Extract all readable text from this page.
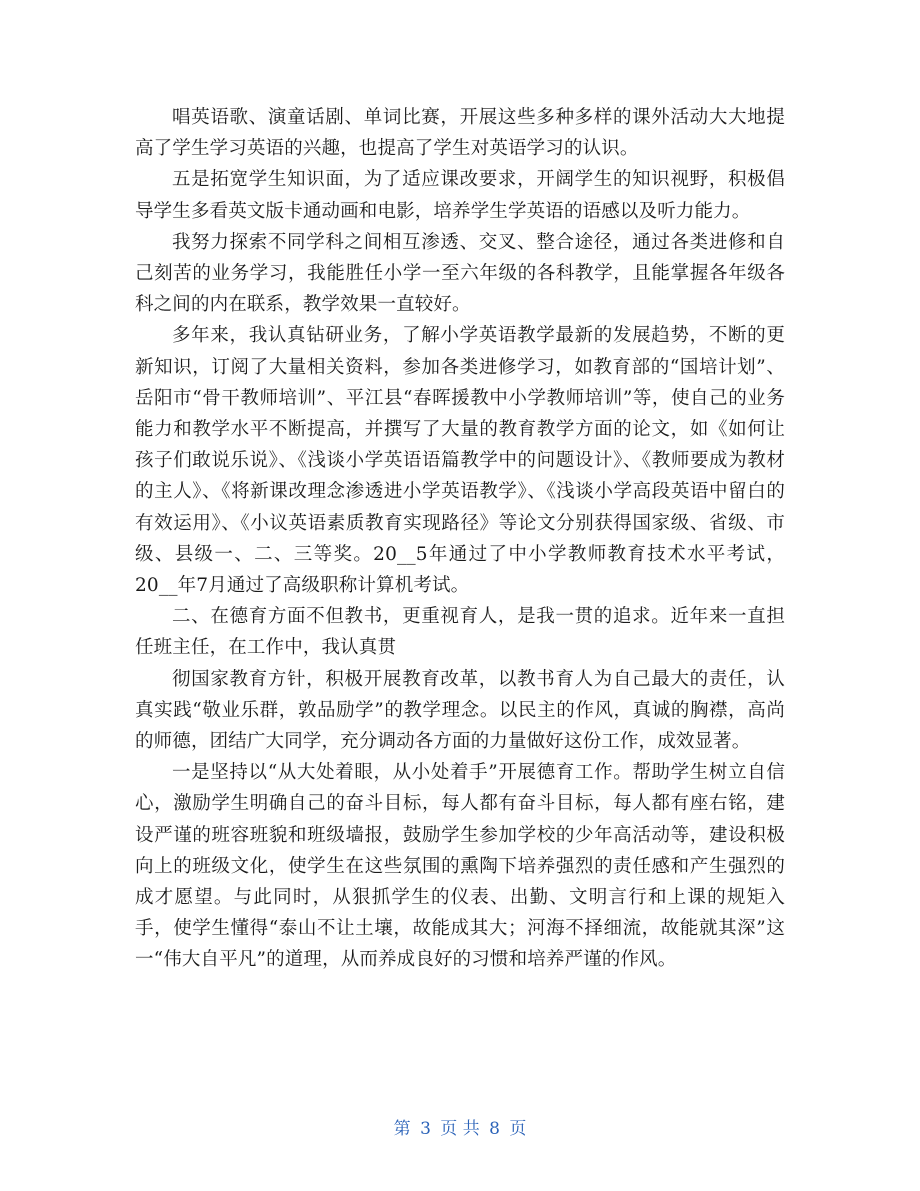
唱英语歌、演童话剧、单词比赛，开展这些多种多样的课外活动大大地提高了学生学习英语的兴趣，也提高了学生对英语学习的认识。

五是拓宽学生知识面，为了适应课改要求，开阔学生的知识视野，积极倡导学生多看英文版卡通动画和电影，培养学生学英语的语感以及听力能力。

我努力探索不同学科之间相互渗透、交叉、整合途径，通过各类进修和自己刻苦的业务学习，我能胜任小学一至六年级的各科教学，且能掌握各年级各科之间的内在联系，教学效果一直较好。

多年来，我认真钻研业务，了解小学英语教学最新的发展趋势，不断的更新知识，订阅了大量相关资料，参加各类进修学习，如教育部的“国培计划”、岳阳市“骨干教师培训”、平江县“春晖援教中小学教师培训”等，使自己的业务能力和教学水平不断提高，并撰写了大量的教育教学方面的论文，如《如何让孩子们敢说乐说》、《浅谈小学英语语篇教学中的问题设计》、《教师要成为教材的主人》、《将新课改理念渗透进小学英语教学》、《浅谈小学高段英语中留白的有效运用》、《小议英语素质教育实现路径》等论文分别获得国家级、省级、市级、县级一、二、三等奖。20__5年通过了中小学教师教育技术水平考试，20__年7月通过了高级职称计算机考试。

二、在德育方面不但教书，更重视育人，是我一贯的追求。近年来一直担任班主任，在工作中，我认真贯

彻国家教育方针，积极开展教育改革，以教书育人为自己最大的责任，认真实践“敬业乐群，敦品励学”的教学理念。以民主的作风，真诚的胸襟，高尚的师德，团结广大同学，充分调动各方面的力量做好这份工作，成效显著。

一是坚持以“从大处着眼，从小处着手”开展德育工作。帮助学生树立自信心，激励学生明确自己的奋斗目标，每人都有奋斗目标，每人都有座右铭，建设严谨的班容班貌和班级墙报，鼓励学生参加学校的少年高活动等，建设积极向上的班级文化，使学生在这些氛围的熏陶下培养强烈的责任感和产生强烈的成才愿望。与此同时，从狠抓学生的仪表、出勤、文明言行和上课的规矩入手，使学生懂得“泰山不让土壤，故能成其大；河海不择细流，故能就其深”这一“伟大自平凡”的道理，从而养成良好的习惯和培养严谨的作风。

第 3 页 共 8 页
